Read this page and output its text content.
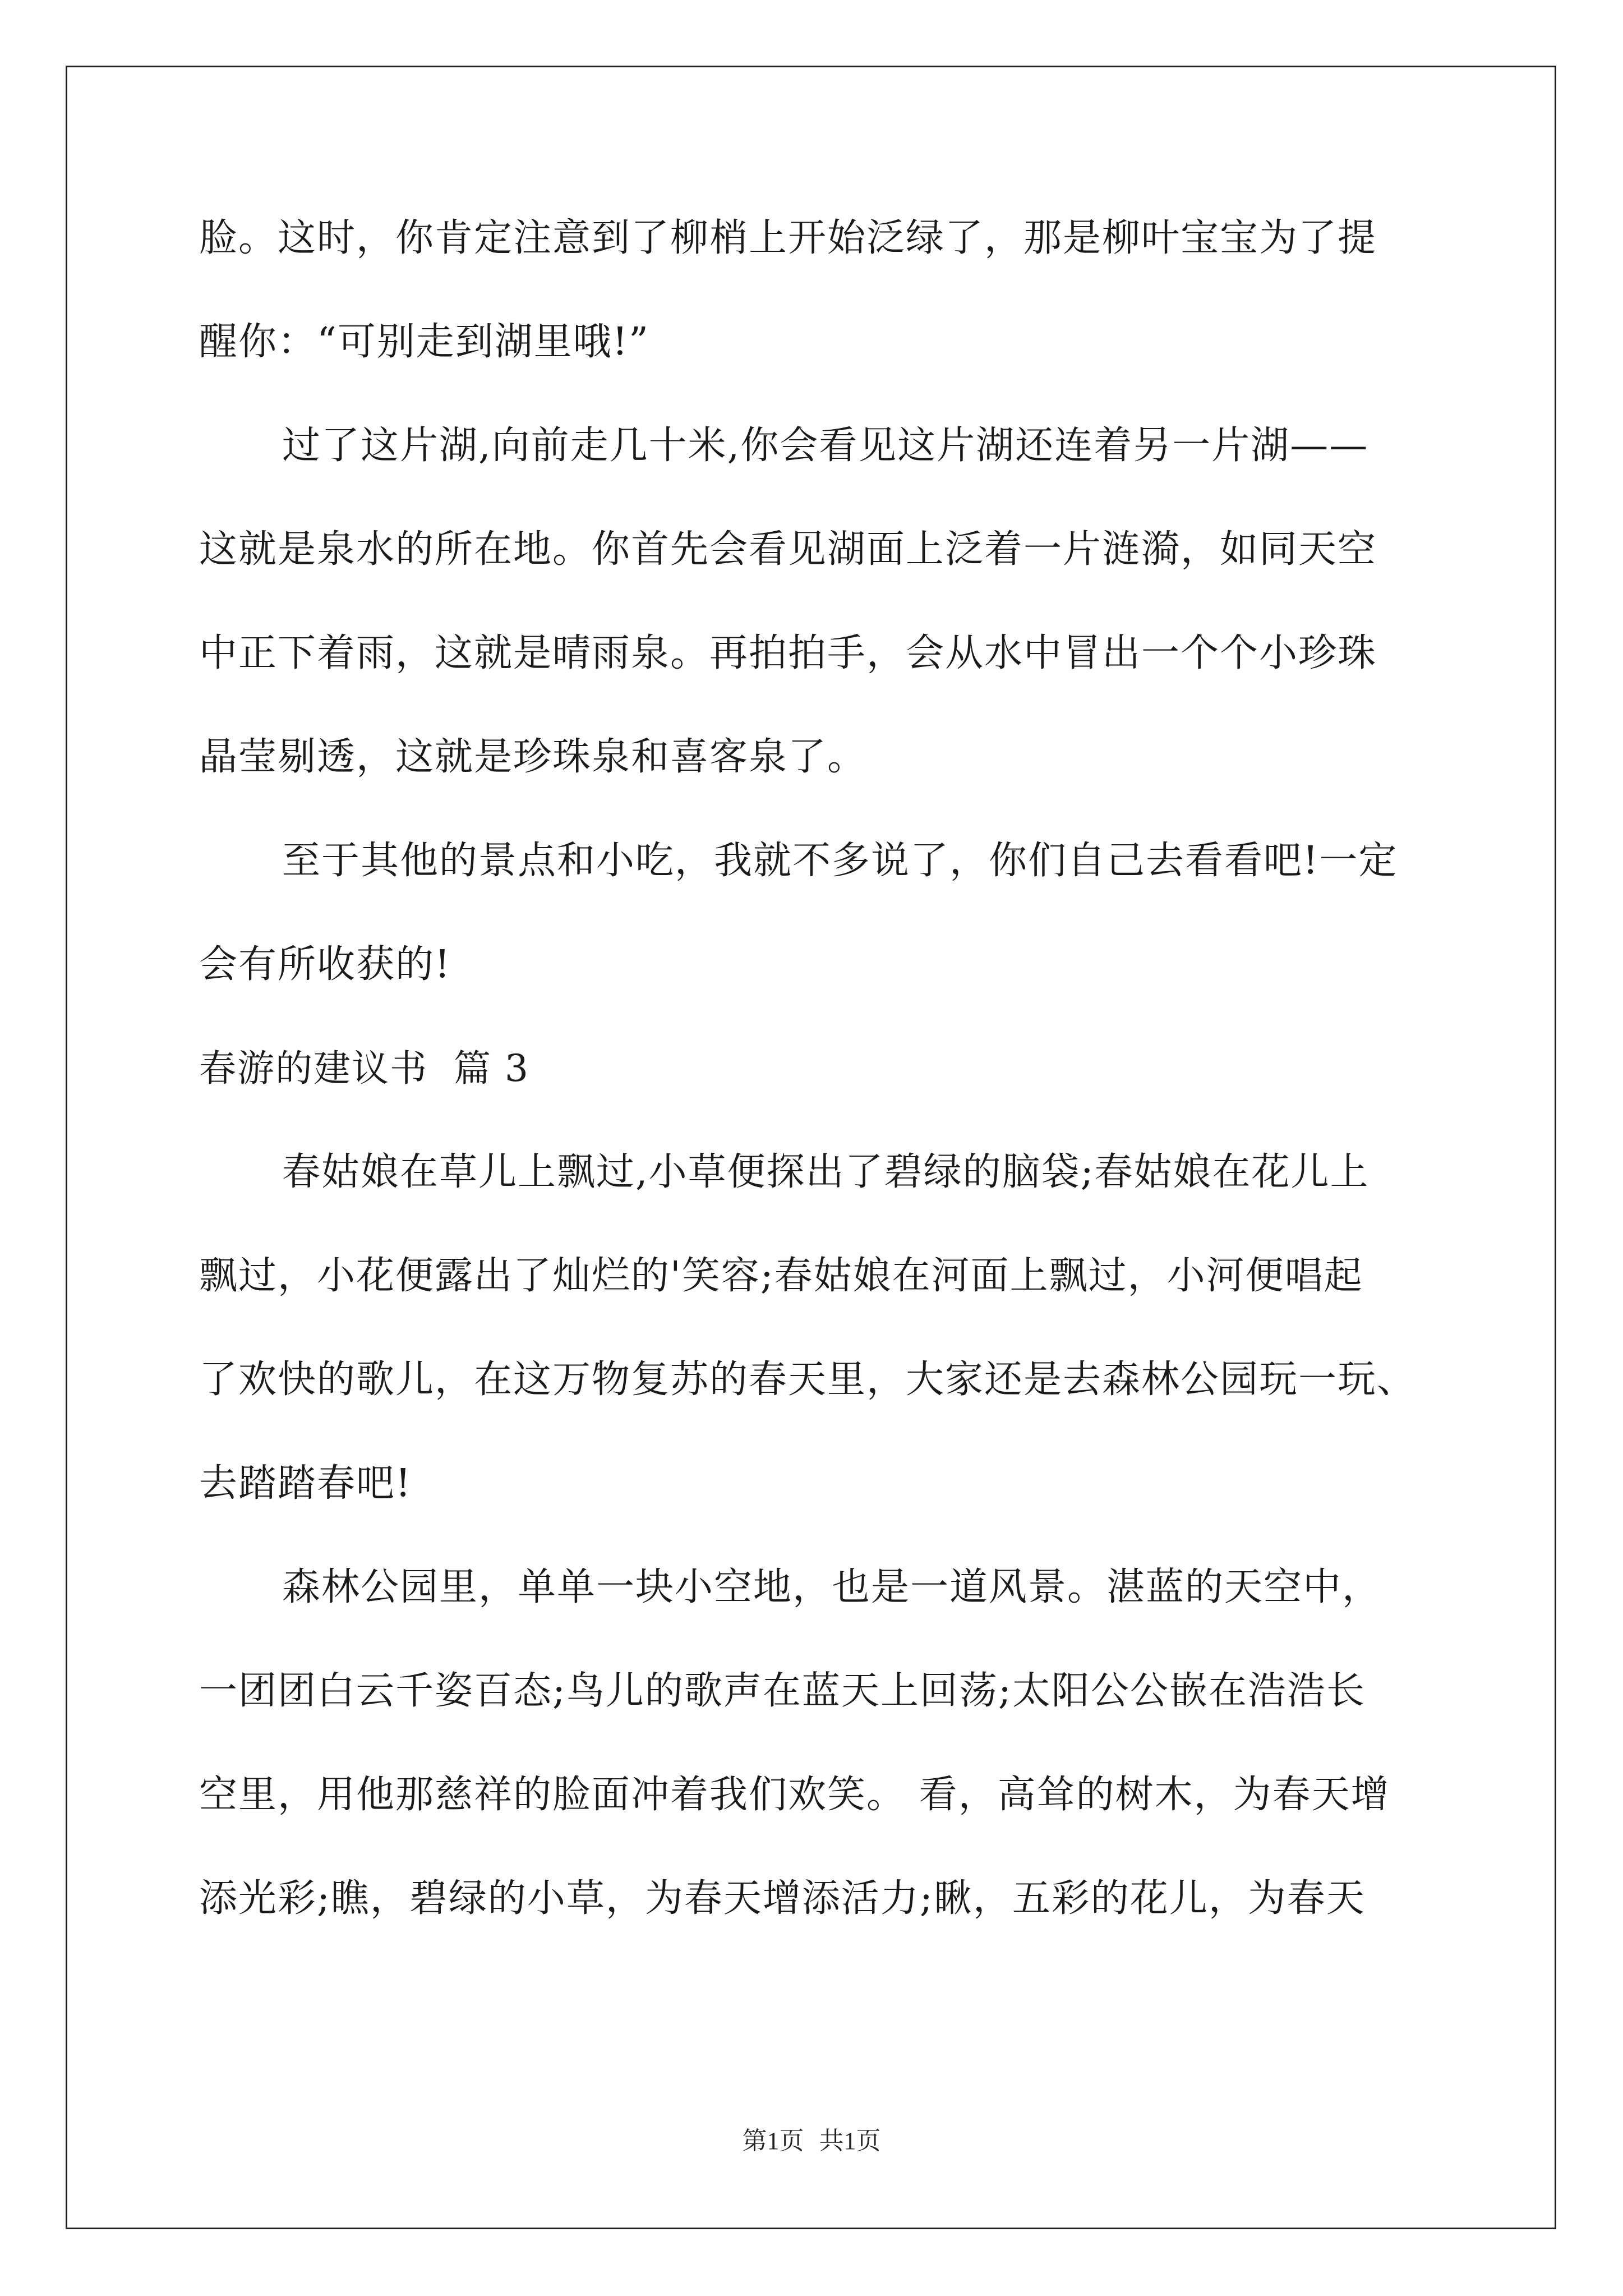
脸。这时，你肯定注意到了柳梢上开始泛绿了，那是柳叶宝宝为了提
醒你：“可别走到湖里哦!”
过了这片湖,向前走几十米,你会看见这片湖还连着另一片湖——
这就是泉水的所在地。你首先会看见湖面上泛着一片涟漪，如同天空
中正下着雨，这就是晴雨泉。再拍拍手，会从水中冒出一个个小珍珠
晶莹剔透，这就是珍珠泉和喜客泉了。
至于其他的景点和小吃，我就不多说了，你们自己去看看吧!一定
会有所收获的!
春游的建议书  篇 3
春姑娘在草儿上飘过,小草便探出了碧绿的脑袋;春姑娘在花儿上
飘过，小花便露出了灿烂的'笑容;春姑娘在河面上飘过，小河便唱起
了欢快的歌儿，在这万物复苏的春天里，大家还是去森林公园玩一玩、
去踏踏春吧!
森林公园里，单单一块小空地，也是一道风景。湛蓝的天空中，
一团团白云千姿百态;鸟儿的歌声在蓝天上回荡;太阳公公嵌在浩浩长
空里，用他那慈祥的脸面冲着我们欢笑。 看，高耸的树木，为春天增
添光彩;瞧，碧绿的小草，为春天增添活力;瞅，五彩的花儿，为春天
第1页 共1页
